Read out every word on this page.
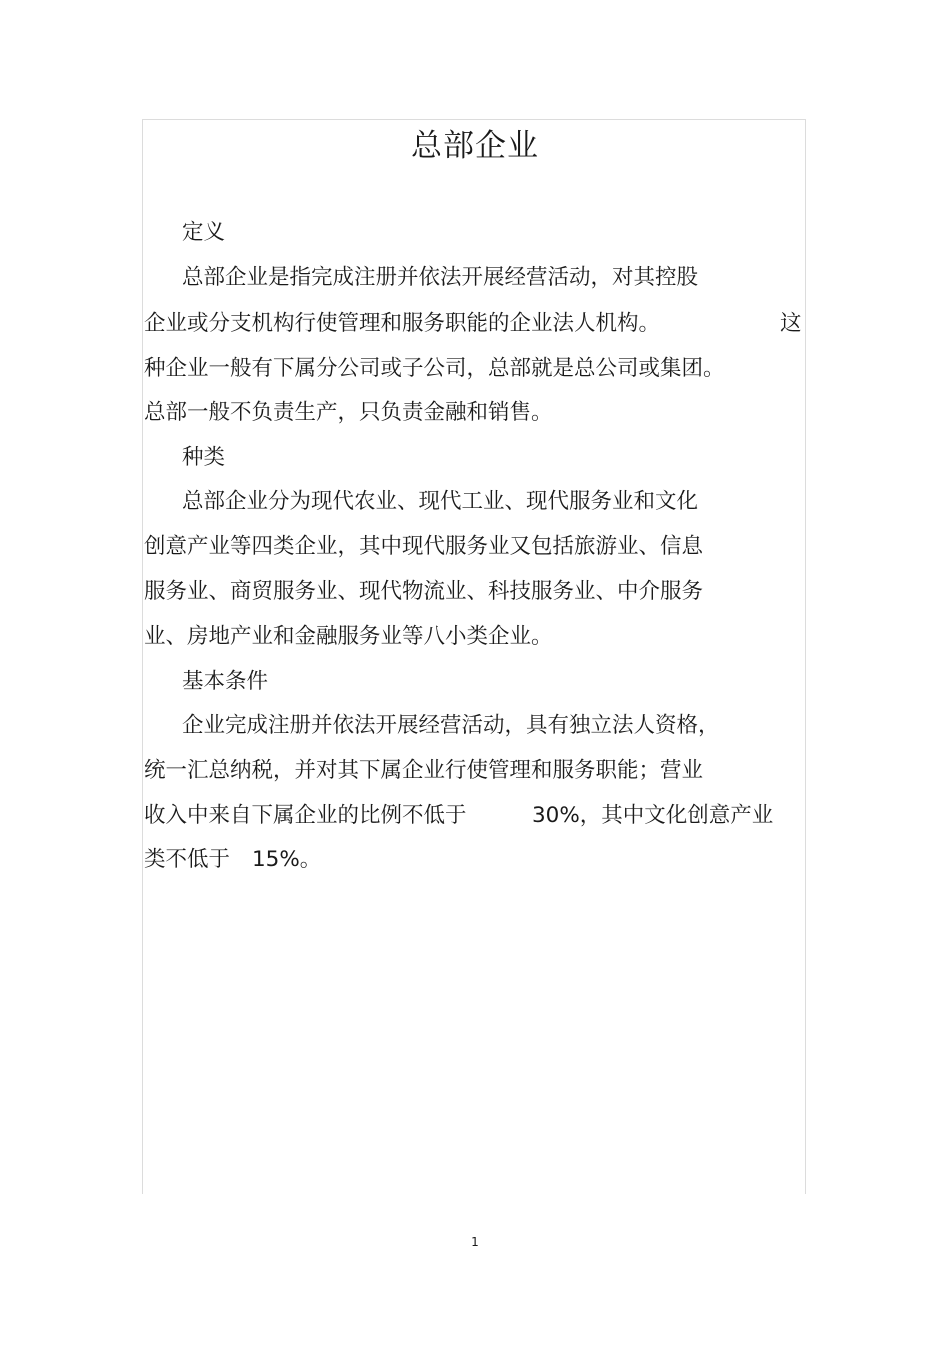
总部企业
定义
总部企业是指完成注册并依法开展经营活动，对其控股
企业或分支机构行使管理和服务职能的企业法人机构。	这
种企业一般有下属分公司或子公司，总部就是总公司或集团。
总部一般不负责生产，只负责金融和销售。
种类
总部企业分为现代农业、现代工业、现代服务业和文化
创意产业等四类企业，其中现代服务业又包括旅游业、信息
服务业、商贸服务业、现代物流业、科技服务业、中介服务
业、房地产业和金融服务业等八小类企业。
基本条件
企业完成注册并依法开展经营活动，具有独立法人资格，
统一汇总纳税，并对其下属企业行使管理和服务职能；营业
收入中来自下属企业的比例不低于	30%，其中文化创意产业
类不低于 15%。
1
